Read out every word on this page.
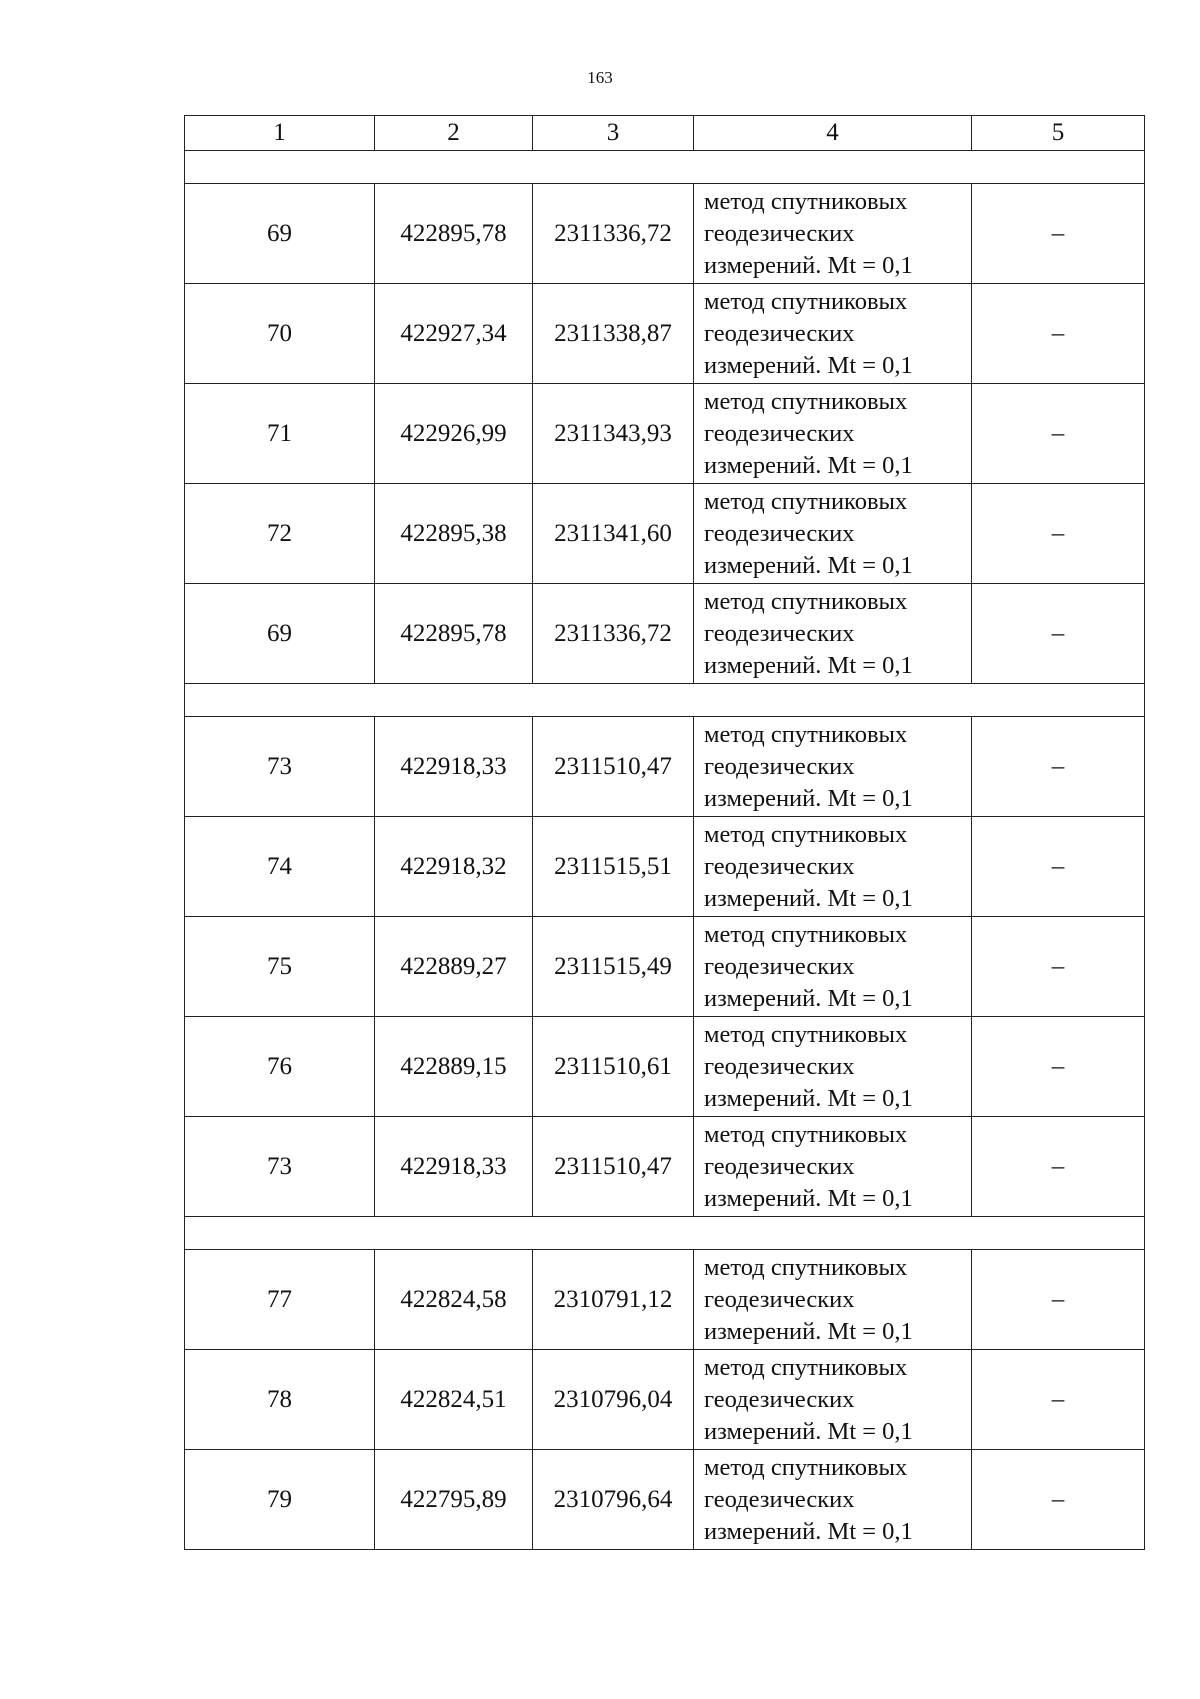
163
1	2	3	4	5

69	422895,78	2311336,72	метод спутниковых
геодезических
измерений. Mt = 0,1	–
70	422927,34	2311338,87	метод спутниковых
геодезических
измерений. Mt = 0,1	–
71	422926,99	2311343,93	метод спутниковых
геодезических
измерений. Mt = 0,1	–
72	422895,38	2311341,60	метод спутниковых
геодезических
измерений. Mt = 0,1	–
69	422895,78	2311336,72	метод спутниковых
геодезических
измерений. Mt = 0,1	–

73	422918,33	2311510,47	метод спутниковых
геодезических
измерений. Mt = 0,1	–
74	422918,32	2311515,51	метод спутниковых
геодезических
измерений. Mt = 0,1	–
75	422889,27	2311515,49	метод спутниковых
геодезических
измерений. Mt = 0,1	–
76	422889,15	2311510,61	метод спутниковых
геодезических
измерений. Mt = 0,1	–
73	422918,33	2311510,47	метод спутниковых
геодезических
измерений. Mt = 0,1	–

77	422824,58	2310791,12	метод спутниковых
геодезических
измерений. Mt = 0,1	–
78	422824,51	2310796,04	метод спутниковых
геодезических
измерений. Mt = 0,1	–
79	422795,89	2310796,64	метод спутниковых
геодезических
измерений. Mt = 0,1	–
